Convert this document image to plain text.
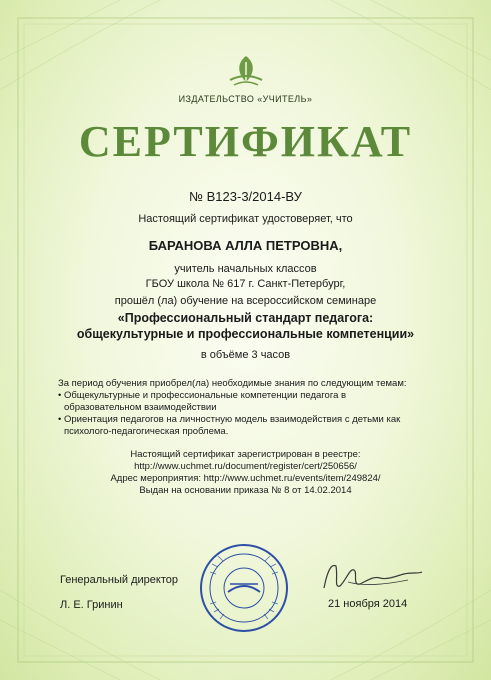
ИЗДАТЕЛЬСТВО «УЧИТЕЛЬ»
СЕРТИФИКАТ
№ В123-3/2014-ВУ
Настоящий сертификат удостоверяет, что
БАРАНОВА АЛЛА ПЕТРОВНА,
учитель начальных классов
ГБОУ школа № 617 г. Санкт-Петербург,
прошёл (ла) обучение на всероссийском семинаре
«Профессиональный стандарт педагога:
общекультурные и профессиональные компетенции»
в объёме 3 часов
За период обучения приобрел(ла) необходимые знания по следующим темам:
• Общекультурные и профессиональные компетенции педагога в
образовательном взаимодействии
• Ориентация педагогов на личностную модель взаимодействия с детьми как
психолого-педагогическая проблема.
Настоящий сертификат зарегистрирован в реестре:
http://www.uchmet.ru/document/register/cert/250656/
Адрес мероприятия: http://www.uchmet.ru/events/item/249824/
Выдан на основании приказа № 8 от 14.02.2014
Генеральный директор
Л. Е. Гринин	21 ноября 2014
